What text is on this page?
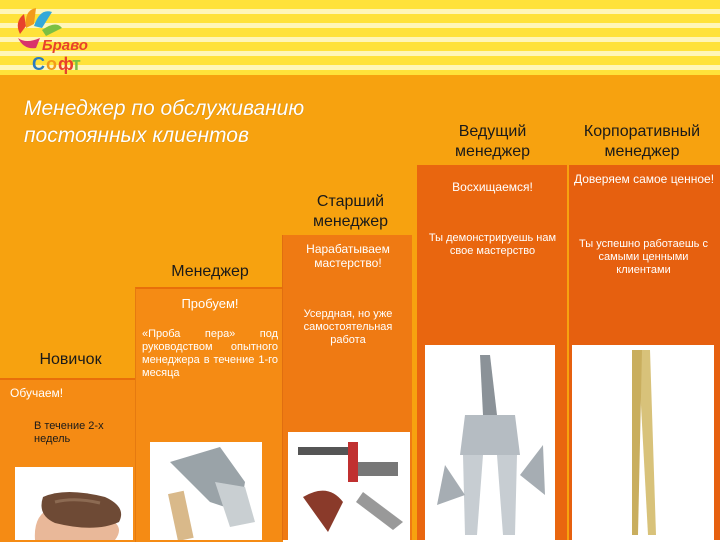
Браво
С о ф
т
Менеджер по обслуживанию постоянных клиентов
Новичок
Менеджер
Старший менеджер
Ведущий менеджер
Корпоративный менеджер
Обучаем!
Пробуем!
Нарабатываем мастерство!
Восхищаемся!
Доверяем самое ценное!
В течение 2-х недель
«Проба пера» под руководством опытного менеджера в течение 1-го месяца
Усердная, но уже самостоятельная работа
Ты демонстрируешь нам свое мастерство
Ты успешно работаешь с самыми ценными клиентами
